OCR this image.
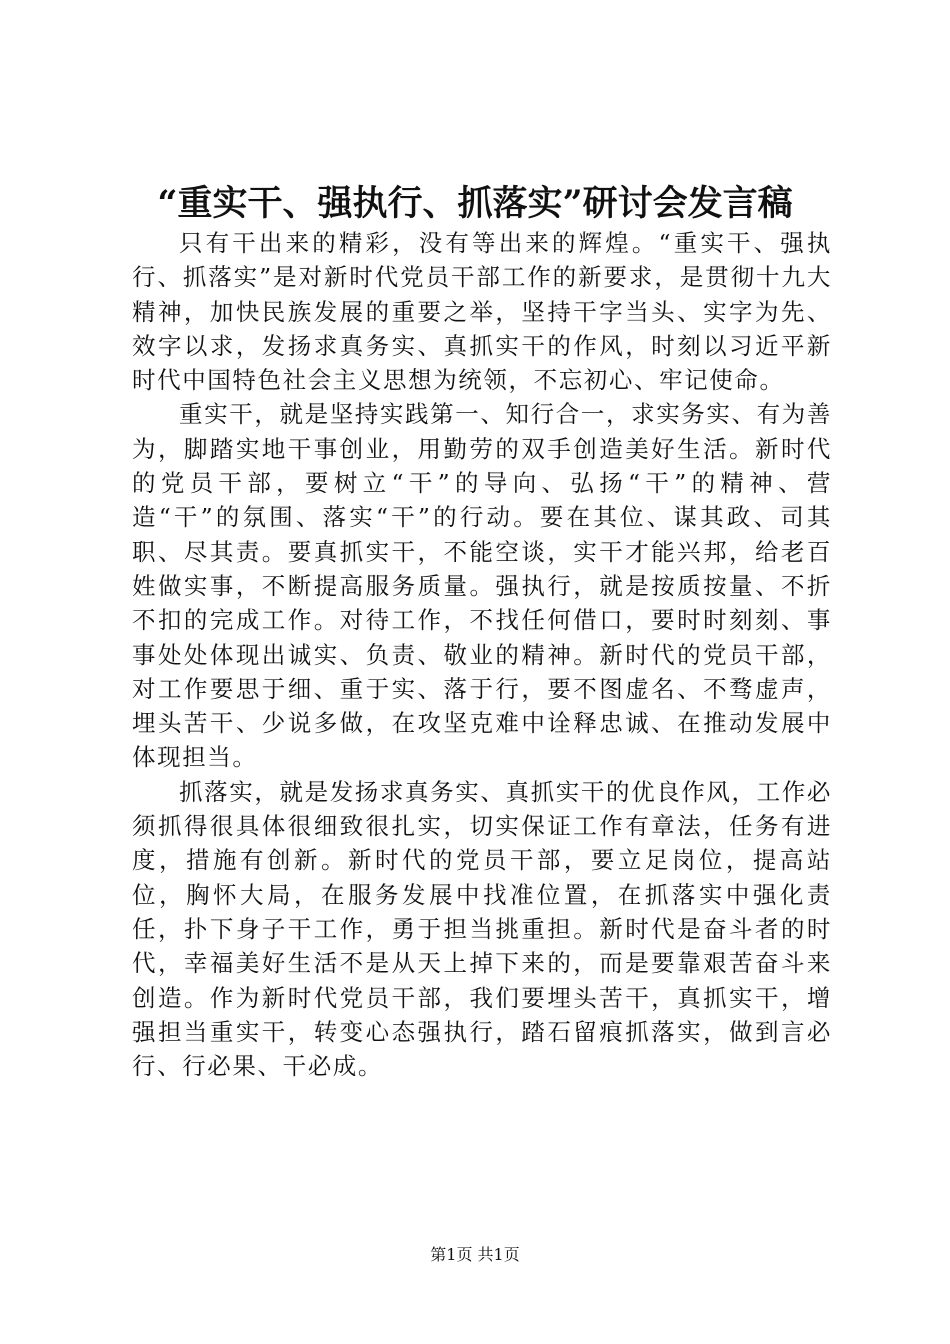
“重实干、强执行、抓落实”研讨会发言稿

只有干出来的精彩，没有等出来的辉煌。“重实干、强执行、抓落实”是对新时代党员干部工作的新要求，是贯彻十九大精神，加快民族发展的重要之举，坚持干字当头、实字为先、效字以求，发扬求真务实、真抓实干的作风，时刻以习近平新时代中国特色社会主义思想为统领，不忘初心、牢记使命。

重实干，就是坚持实践第一、知行合一，求实务实、有为善为，脚踏实地干事创业，用勤劳的双手创造美好生活。新时代的党员干部，要树立“干”的导向、弘扬“干”的精神、营造“干”的氛围、落实“干”的行动。要在其位、谋其政、司其职、尽其责。要真抓实干，不能空谈，实干才能兴邦，给老百姓做实事，不断提高服务质量。强执行，就是按质按量、不折不扣的完成工作。对待工作，不找任何借口，要时时刻刻、事事处处体现出诚实、负责、敬业的精神。新时代的党员干部，对工作要思于细、重于实、落于行，要不图虚名、不骛虚声，埋头苦干、少说多做，在攻坚克难中诠释忠诚、在推动发展中体现担当。

抓落实，就是发扬求真务实、真抓实干的优良作风，工作必须抓得很具体很细致很扎实，切实保证工作有章法，任务有进度，措施有创新。新时代的党员干部，要立足岗位，提高站位，胸怀大局，在服务发展中找准位置，在抓落实中强化责任，扑下身子干工作，勇于担当挑重担。新时代是奋斗者的时代，幸福美好生活不是从天上掉下来的，而是要靠艰苦奋斗来创造。作为新时代党员干部，我们要埋头苦干，真抓实干，增强担当重实干，转变心态强执行，踏石留痕抓落实，做到言必行、行必果、干必成。

第1页 共1页
